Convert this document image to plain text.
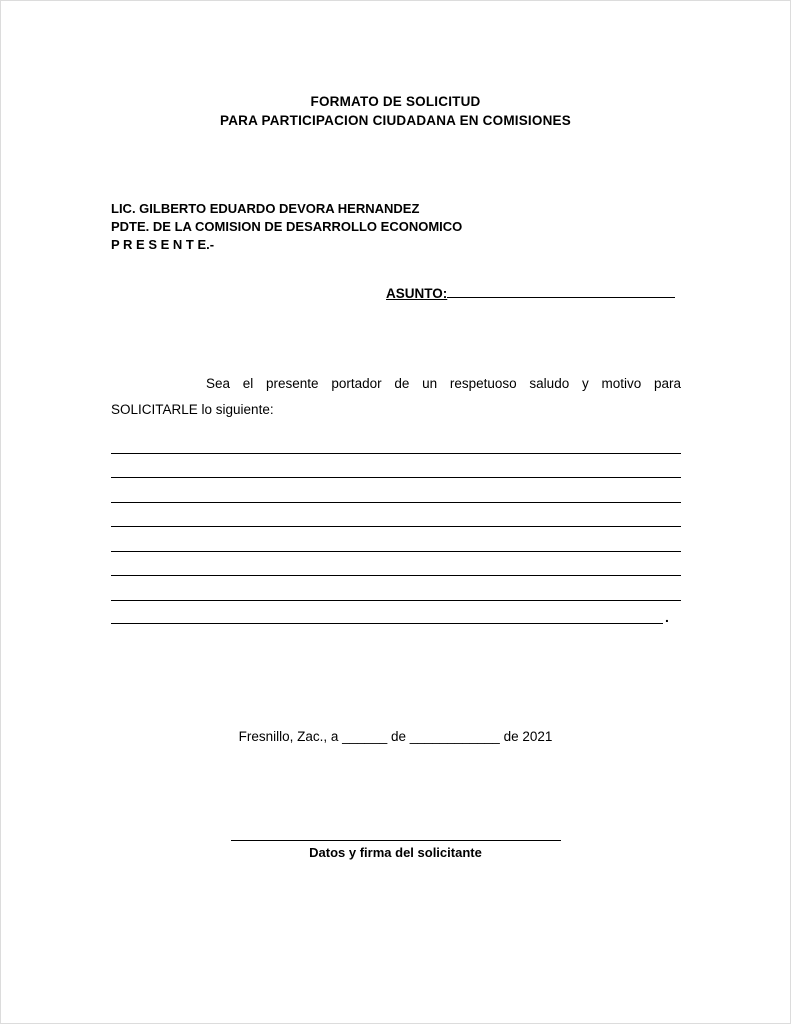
FORMATO DE SOLICITUD
PARA PARTICIPACION CIUDADANA EN COMISIONES
LIC. GILBERTO EDUARDO DEVORA HERNANDEZ
PDTE. DE LA COMISION DE DESARROLLO ECONOMICO
P R E S E N T E.-
ASUNTO:

Sea el presente portador de un respetuoso saludo y motivo para SOLICITARLE lo siguiente:

.
Fresnillo, Zac., a ______ de ____________ de 2021
Datos y firma del solicitante
